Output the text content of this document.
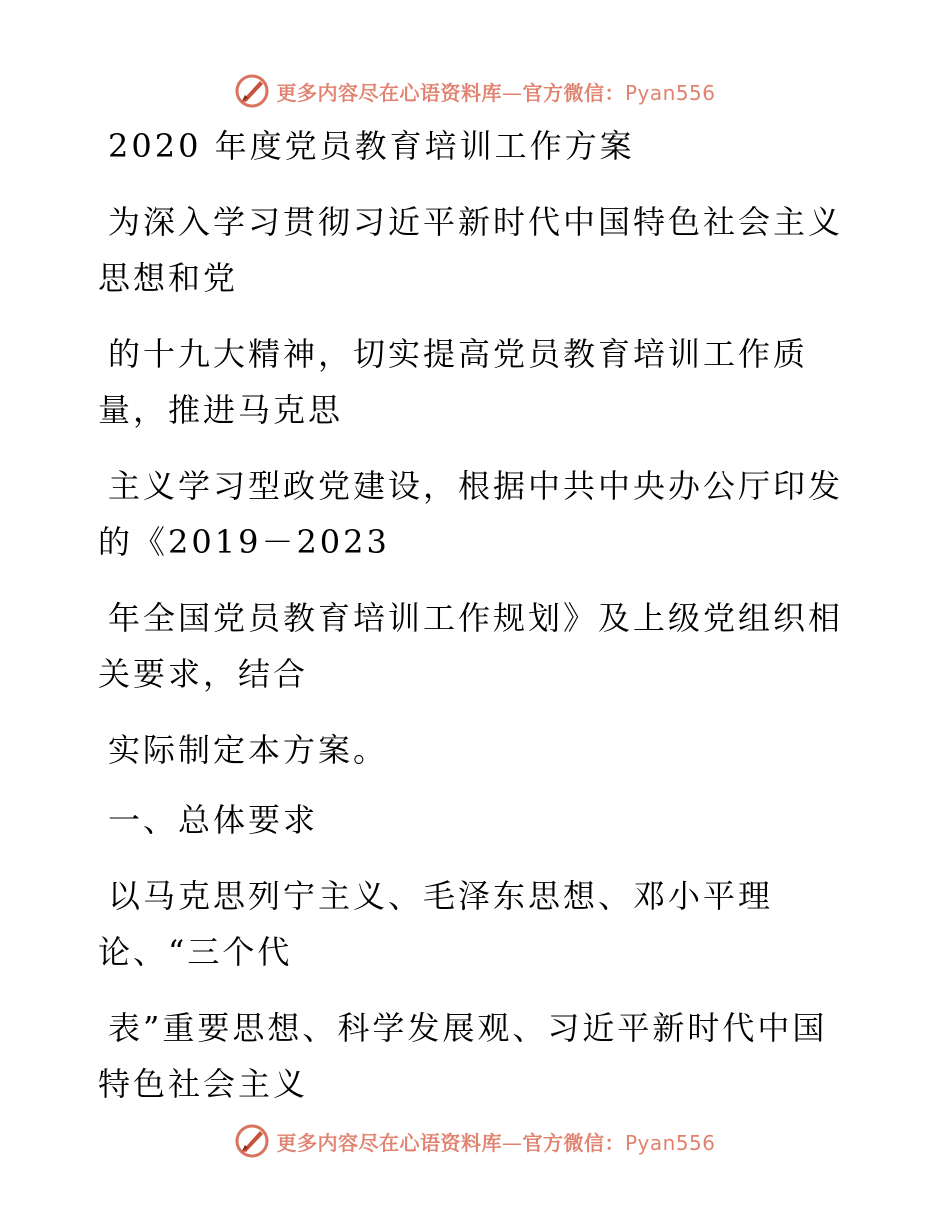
更多内容尽在心语资料库—官方微信：Pyan556
2020 年度党员教育培训工作方案
为深入学习贯彻习近平新时代中国特色社会主义
思想和党
的十九大精神，切实提高党员教育培训工作质
量，推进马克思
主义学习型政党建设，根据中共中央办公厅印发
的《2019－2023
年全国党员教育培训工作规划》及上级党组织相
关要求，结合
实际制定本方案。
一、总体要求
以马克思列宁主义、毛泽东思想、邓小平理
论、“三个代
表”重要思想、科学发展观、习近平新时代中国
特色社会主义
更多内容尽在心语资料库—官方微信：Pyan556
